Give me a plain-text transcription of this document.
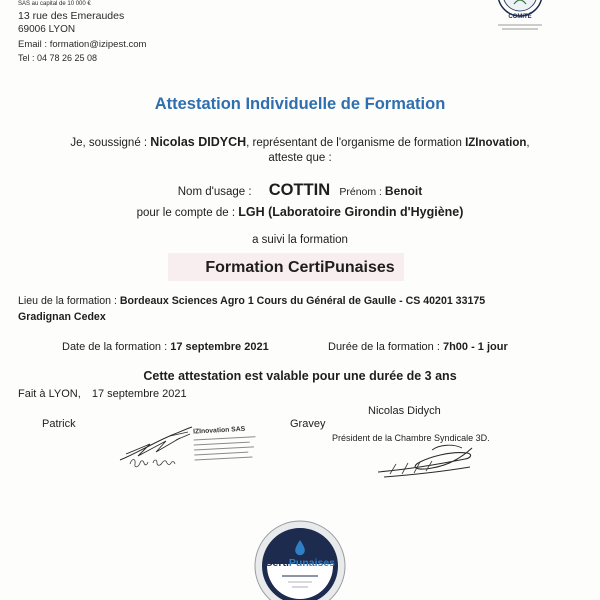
SAS au capital de 10 000 €
13 rue des Emeraudes
69006 LYON
Email : formation@izipest.com
Tel : 04 78 26 25 08
COMITÉ
Attestation Individuelle de Formation
Je, soussigné : Nicolas DIDYCH, représentant de l'organisme de formation IZInovation,
atteste que :
Nom d'usage : COTTIN Prénom : Benoit
pour le compte de : LGH (Laboratoire Girondin d'Hygiène)
a suivi la formation
Formation CertiPunaises
Lieu de la formation : Bordeaux Sciences Agro 1 Cours du Général de Gaulle - CS 40201 33175
Gradignan Cedex
Date de la formation : 17 septembre 2021	Durée de la formation : 7h00 - 1 jour
Cette attestation est valable pour une durée de 3 ans
Fait à LYON, 17 septembre 2021
Nicolas Didych
Patrick	Gravey
Président de la Chambre Syndicale 3D.
IZInovation SAS
CertiPunaises
